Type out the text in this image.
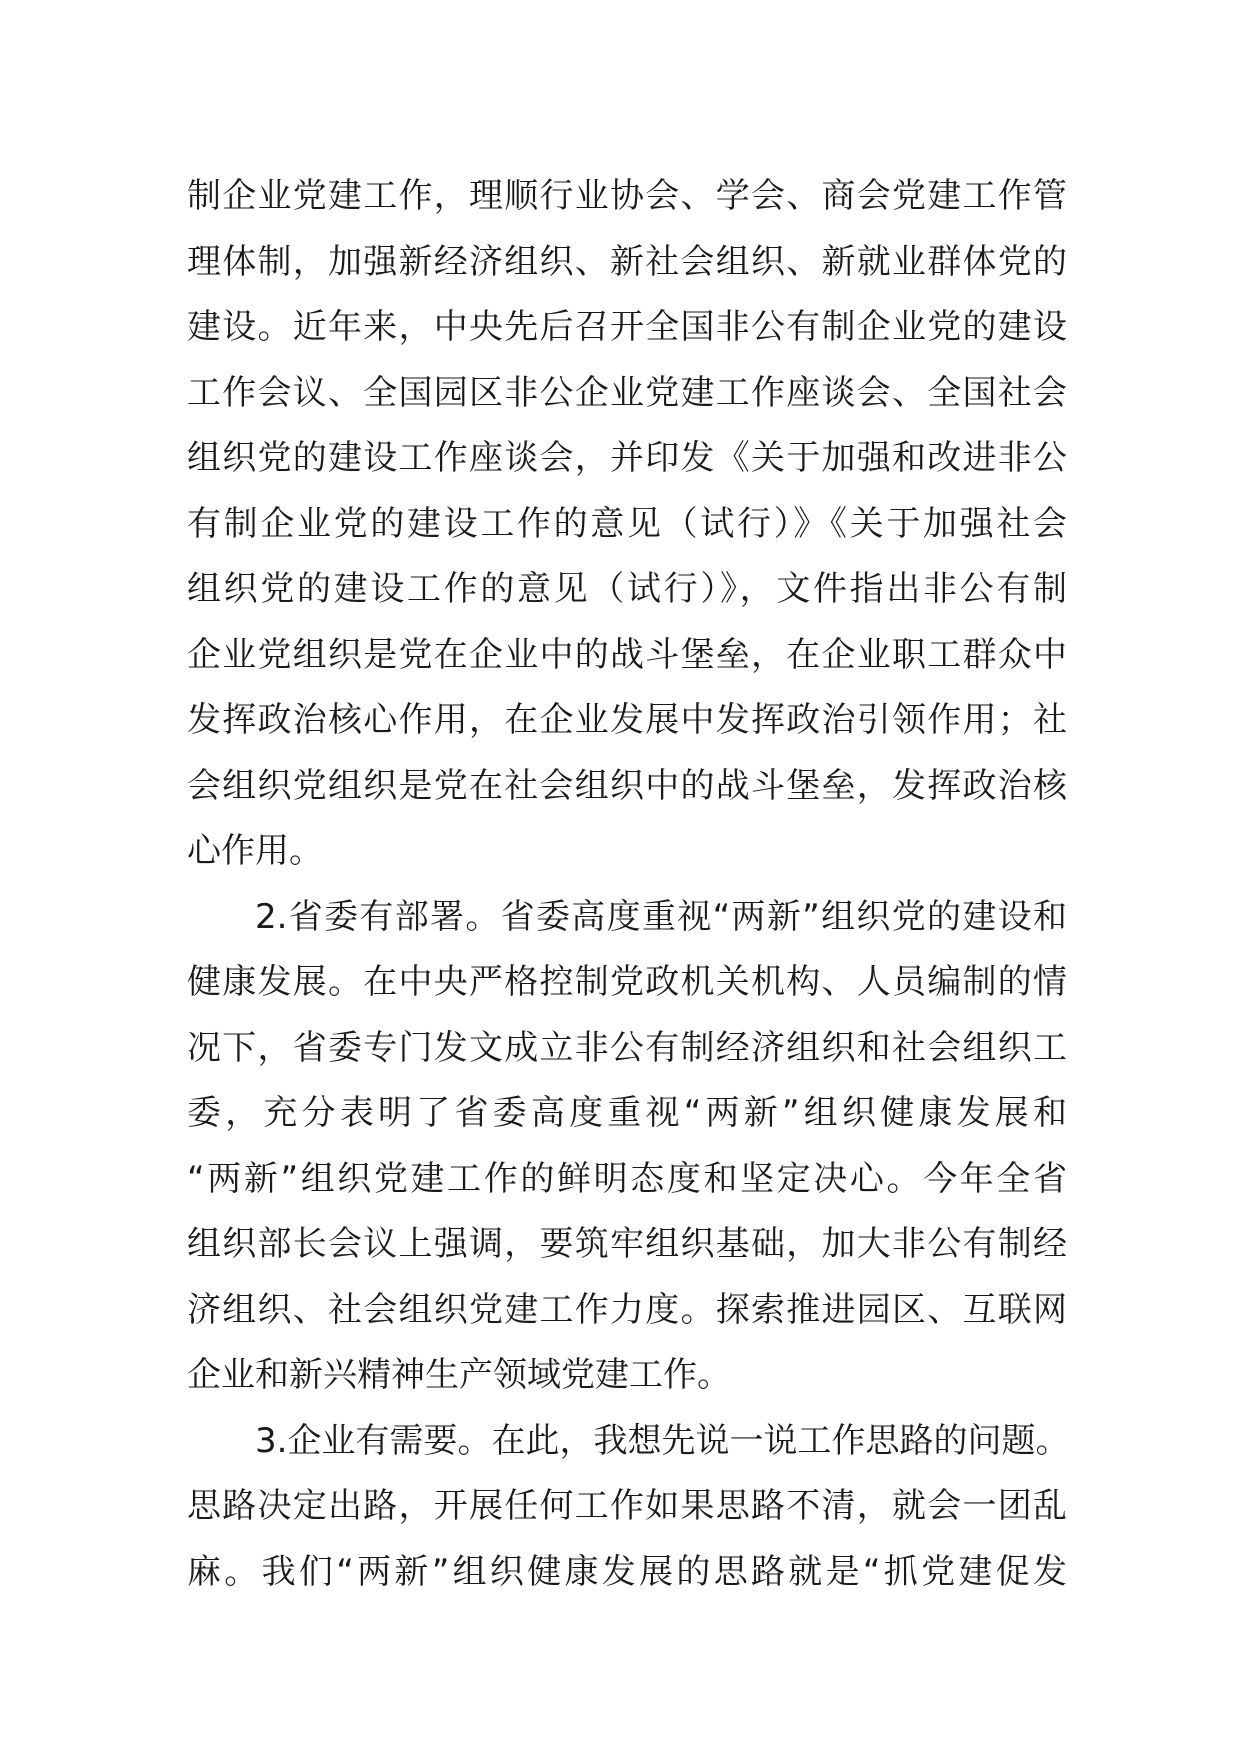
制企业党建工作，理顺行业协会、学会、商会党建工作管
理体制，加强新经济组织、新社会组织、新就业群体党的
建设。近年来，中央先后召开全国非公有制企业党的建设
工作会议、全国园区非公企业党建工作座谈会、全国社会
组织党的建设工作座谈会，并印发《关于加强和改进非公
有制企业党的建设工作的意见（试行）》《关于加强社会
组织党的建设工作的意见（试行）》，文件指出非公有制
企业党组织是党在企业中的战斗堡垒，在企业职工群众中
发挥政治核心作用，在企业发展中发挥政治引领作用；社
会组织党组织是党在社会组织中的战斗堡垒，发挥政治核
心作用。
2.省委有部署。省委高度重视“两新”组织党的建设和
健康发展。在中央严格控制党政机关机构、人员编制的情
况下，省委专门发文成立非公有制经济组织和社会组织工
委，充分表明了省委高度重视“两新”组织健康发展和
“两新”组织党建工作的鲜明态度和坚定决心。今年全省
组织部长会议上强调，要筑牢组织基础，加大非公有制经
济组织、社会组织党建工作力度。探索推进园区、互联网
企业和新兴精神生产领域党建工作。
3.企业有需要。在此，我想先说一说工作思路的问题。
思路决定出路，开展任何工作如果思路不清，就会一团乱
麻。我们“两新”组织健康发展的思路就是“抓党建促发
